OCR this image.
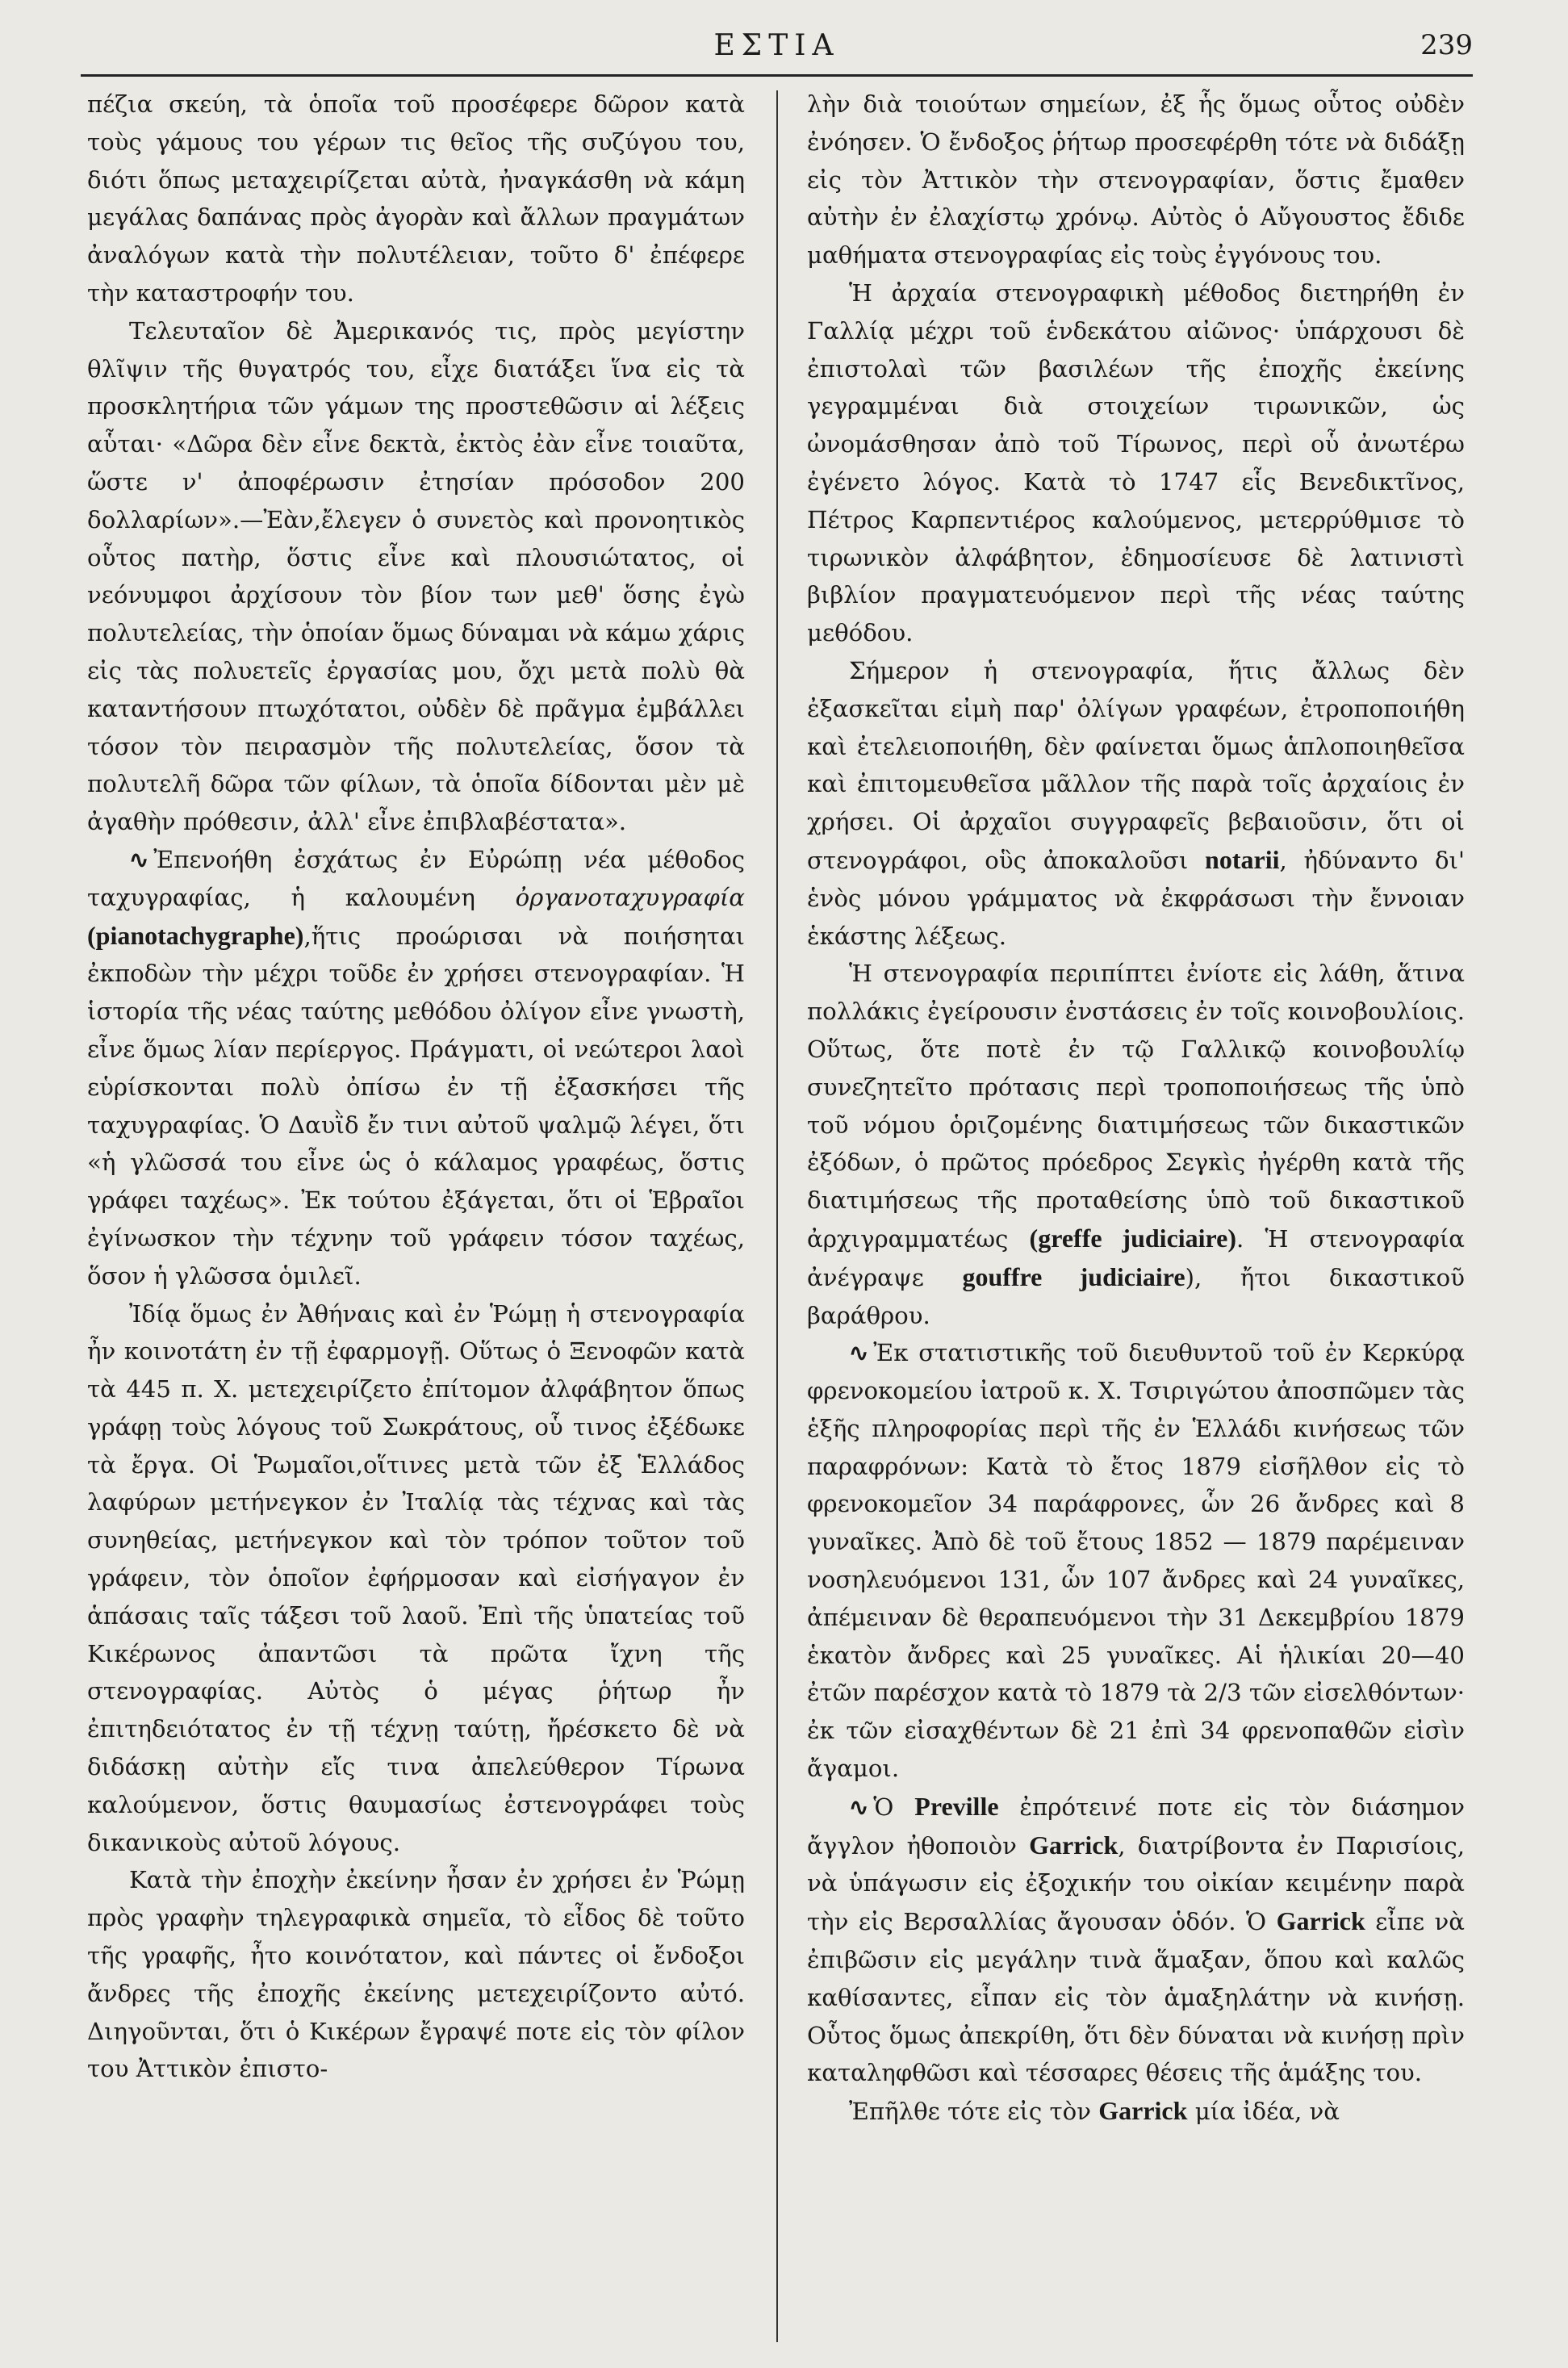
ΕΣΤΙΑ	239

πέζια σκεύη, τὰ ὁποῖα τοῦ προσέφερε δῶρον κατὰ τοὺς γάμους του γέρων τις θεῖος τῆς συζύγου του, διότι ὅπως μεταχειρίζεται αὐτὰ, ἠναγκάσθη νὰ κάμη μεγάλας δαπάνας πρὸς ἀγορὰν καὶ ἄλλων πραγμάτων ἀναλόγων κατὰ τὴν πολυτέλειαν, τοῦτο δ' ἐπέφερε τὴν καταστροφήν του.

Τελευταῖον δὲ Ἀμερικανός τις, πρὸς μεγίστην θλῖψιν τῆς θυγατρός του, εἶχε διατάξει ἵνα εἰς τὰ προσκλητήρια τῶν γάμων της προστεθῶσιν αἱ λέξεις αὗται· «Δῶρα δὲν εἶνε δεκτὰ, ἐκτὸς ἐὰν εἶνε τοιαῦτα, ὥστε ν' ἀποφέρωσιν ἐτησίαν πρόσοδον 200 δολλαρίων».—Ἐὰν,ἔλεγεν ὁ συνετὸς καὶ προνοητικὸς οὗτος πατὴρ, ὅστις εἶνε καὶ πλουσιώτατος, οἱ νεόνυμφοι ἀρχίσουν τὸν βίον των μεθ' ὅσης ἐγὼ πολυτελείας, τὴν ὁποίαν ὅμως δύναμαι νὰ κάμω χάρις εἰς τὰς πολυετεῖς ἐργασίας μου, ὄχι μετὰ πολὺ θὰ καταντήσουν πτωχότατοι, οὐδὲν δὲ πρᾶγμα ἐμβάλλει τόσον τὸν πειρασμὸν τῆς πολυτελείας, ὅσον τὰ πολυτελῆ δῶρα τῶν φίλων, τὰ ὁποῖα δίδονται μὲν μὲ ἀγαθὴν πρόθεσιν, ἀλλ' εἶνε ἐπιβλαβέστατα».

∿ Ἐπενοήθη ἐσχάτως ἐν Εὐρώπῃ νέα μέθοδος ταχυγραφίας, ἡ καλουμένη ὀργανοταχυγραφία (pianotachygraphe),ἥτις προώρισαι νὰ ποιήσηται ἐκποδὼν τὴν μέχρι τοῦδε ἐν χρήσει στενογραφίαν. Ἡ ἱστορία τῆς νέας ταύτης μεθόδου ὀλίγον εἶνε γνωστὴ, εἶνε ὅμως λίαν περίεργος. Πράγματι, οἱ νεώτεροι λαοὶ εὑρίσκονται πολὺ ὀπίσω ἐν τῇ ἐξασκήσει τῆς ταχυγραφίας. Ὁ Δαυῒδ ἔν τινι αὐτοῦ ψαλμῷ λέγει, ὅτι «ἡ γλῶσσά του εἶνε ὡς ὁ κάλαμος γραφέως, ὅστις γράφει ταχέως». Ἐκ τούτου ἐξάγεται, ὅτι οἱ Ἑβραῖοι ἐγίνωσκον τὴν τέχνην τοῦ γράφειν τόσον ταχέως, ὅσον ἡ γλῶσσα ὁμιλεῖ.

Ἰδίᾳ ὅμως ἐν Ἀθήναις καὶ ἐν Ῥώμῃ ἡ στενογραφία ἦν κοινοτάτη ἐν τῇ ἐφαρμογῇ. Οὕτως ὁ Ξενοφῶν κατὰ τὰ 445 π. Χ. μετεχειρίζετο ἐπίτομον ἀλφάβητον ὅπως γράφῃ τοὺς λόγους τοῦ Σωκράτους, οὗ τινος ἐξέδωκε τὰ ἔργα. Οἱ Ῥωμαῖοι,οἵτινες μετὰ τῶν ἐξ Ἑλλάδος λαφύρων μετήνεγκον ἐν Ἰταλίᾳ τὰς τέχνας καὶ τὰς συνηθείας, μετήνεγκον καὶ τὸν τρόπον τοῦτον τοῦ γράφειν, τὸν ὁποῖον ἐφήρμοσαν καὶ εἰσήγαγον ἐν ἁπάσαις ταῖς τάξεσι τοῦ λαοῦ. Ἐπὶ τῆς ὑπατείας τοῦ Κικέρωνος ἀπαντῶσι τὰ πρῶτα ἴχνη τῆς στενογραφίας. Αὐτὸς ὁ μέγας ῥήτωρ ἦν ἐπιτηδειότατος ἐν τῇ τέχνῃ ταύτῃ, ἤρέσκετο δὲ νὰ διδάσκῃ αὐτὴν εἴς τινα ἀπελεύθερον Τίρωνα καλούμενον, ὅστις θαυμασίως ἐστενογράφει τοὺς δικανικοὺς αὐτοῦ λόγους.

Κατὰ τὴν ἐποχὴν ἐκείνην ἦσαν ἐν χρήσει ἐν Ῥώμῃ πρὸς γραφὴν τηλεγραφικὰ σημεῖα, τὸ εἶδος δὲ τοῦτο τῆς γραφῆς, ἦτο κοινότατον, καὶ πάντες οἱ ἔνδοξοι ἄνδρες τῆς ἐποχῆς ἐκείνης μετεχειρίζοντο αὐτό. Διηγοῦνται, ὅτι ὁ Κικέρων ἔγραψέ ποτε εἰς τὸν φίλον του Ἀττικὸν ἐπιστο-

λὴν διὰ τοιούτων σημείων, ἐξ ἧς ὅμως οὗτος οὐδὲν ἐνόησεν. Ὁ ἔνδοξος ῥήτωρ προσεφέρθη τότε νὰ διδάξῃ εἰς τὸν Ἀττικὸν τὴν στενογραφίαν, ὅστις ἔμαθεν αὐτὴν ἐν ἐλαχίστῳ χρόνῳ. Αὐτὸς ὁ Αὔγουστος ἔδιδε μαθήματα στενογραφίας εἰς τοὺς ἐγγόνους του.

Ἡ ἀρχαία στενογραφικὴ μέθοδος διετηρήθη ἐν Γαλλίᾳ μέχρι τοῦ ἑνδεκάτου αἰῶνος· ὑπάρχουσι δὲ ἐπιστολαὶ τῶν βασιλέων τῆς ἐποχῆς ἐκείνης γεγραμμέναι διὰ στοιχείων τιρωνικῶν, ὡς ὠνομάσθησαν ἀπὸ τοῦ Τίρωνος, περὶ οὗ ἀνωτέρω ἐγένετο λόγος. Κατὰ τὸ 1747 εἷς Βενεδικτῖνος, Πέτρος Καρπεντιέρος καλούμενος, μετερρύθμισε τὸ τιρωνικὸν ἀλφάβητον, ἐδημοσίευσε δὲ λατινιστὶ βιβλίον πραγματευόμενον περὶ τῆς νέας ταύτης μεθόδου.

Σήμερον ἡ στενογραφία, ἥτις ἄλλως δὲν ἐξασκεῖται εἰμὴ παρ' ὀλίγων γραφέων, ἐτροποποιήθη καὶ ἐτελειοποιήθη, δὲν φαίνεται ὅμως ἁπλοποιηθεῖσα καὶ ἐπιτομευθεῖσα μᾶλλον τῆς παρὰ τοῖς ἀρχαίοις ἐν χρήσει. Οἱ ἀρχαῖοι συγγραφεῖς βεβαιοῦσιν, ὅτι οἱ στενογράφοι, οὓς ἀποκαλοῦσι notarii, ἠδύναντο δι' ἑνὸς μόνου γράμματος νὰ ἐκφράσωσι τὴν ἔννοιαν ἑκάστης λέξεως.

Ἡ στενογραφία περιπίπτει ἐνίοτε εἰς λάθη, ἅτινα πολλάκις ἐγείρουσιν ἐνστάσεις ἐν τοῖς κοινοβουλίοις. Οὕτως, ὅτε ποτὲ ἐν τῷ Γαλλικῷ κοινοβουλίῳ συνεζητεῖτο πρότασις περὶ τροποποιήσεως τῆς ὑπὸ τοῦ νόμου ὁριζομένης διατιμήσεως τῶν δικαστικῶν ἐξόδων, ὁ πρῶτος πρόεδρος Σεγκὶς ἠγέρθη κατὰ τῆς διατιμήσεως τῆς προταθείσης ὑπὸ τοῦ δικαστικοῦ ἀρχιγραμματέως (greffe judiciaire). Ἡ στενογραφία ἀνέγραψε gouffre judiciaire), ἤτοι δικαστικοῦ βαράθρου.

∿ Ἐκ στατιστικῆς τοῦ διευθυντοῦ τοῦ ἐν Κερκύρᾳ φρενοκομείου ἰατροῦ κ. Χ. Τσιριγώτου ἀποσπῶμεν τὰς ἑξῆς πληροφορίας περὶ τῆς ἐν Ἑλλάδι κινήσεως τῶν παραφρόνων: Κατὰ τὸ ἔτος 1879 εἰσῆλθον εἰς τὸ φρενοκομεῖον 34 παράφρονες, ὧν 26 ἄνδρες καὶ 8 γυναῖκες. Ἀπὸ δὲ τοῦ ἔτους 1852 — 1879 παρέμειναν νοσηλευόμενοι 131, ὧν 107 ἄνδρες καὶ 24 γυναῖκες, ἀπέμειναν δὲ θεραπευόμενοι τὴν 31 Δεκεμβρίου 1879 ἑκατὸν ἄνδρες καὶ 25 γυναῖκες. Αἱ ἡλικίαι 20—40 ἐτῶν παρέσχον κατὰ τὸ 1879 τὰ 2/3 τῶν εἰσελθόντων· ἐκ τῶν εἰσαχθέντων δὲ 21 ἐπὶ 34 φρενοπαθῶν εἰσὶν ἄγαμοι.

∿ Ὁ Preville ἐπρότεινέ ποτε εἰς τὸν διάσημον ἄγγλον ἠθοποιὸν Garrick, διατρίβοντα ἐν Παρισίοις, νὰ ὑπάγωσιν εἰς ἐξοχικήν του οἰκίαν κειμένην παρὰ τὴν εἰς Βερσαλλίας ἄγουσαν ὁδόν. Ὁ Garrick εἶπε νὰ ἐπιβῶσιν εἰς μεγάλην τινὰ ἅμαξαν, ὅπου καὶ καλῶς καθίσαντες, εἶπαν εἰς τὸν ἁμαξηλάτην νὰ κινήσῃ. Οὗτος ὅμως ἀπεκρίθη, ὅτι δὲν δύναται νὰ κινήσῃ πρὶν καταληφθῶσι καὶ τέσσαρες θέσεις τῆς ἁμάξης του.

Ἐπῆλθε τότε εἰς τὸν Garrick μία ἰδέα, νὰ
